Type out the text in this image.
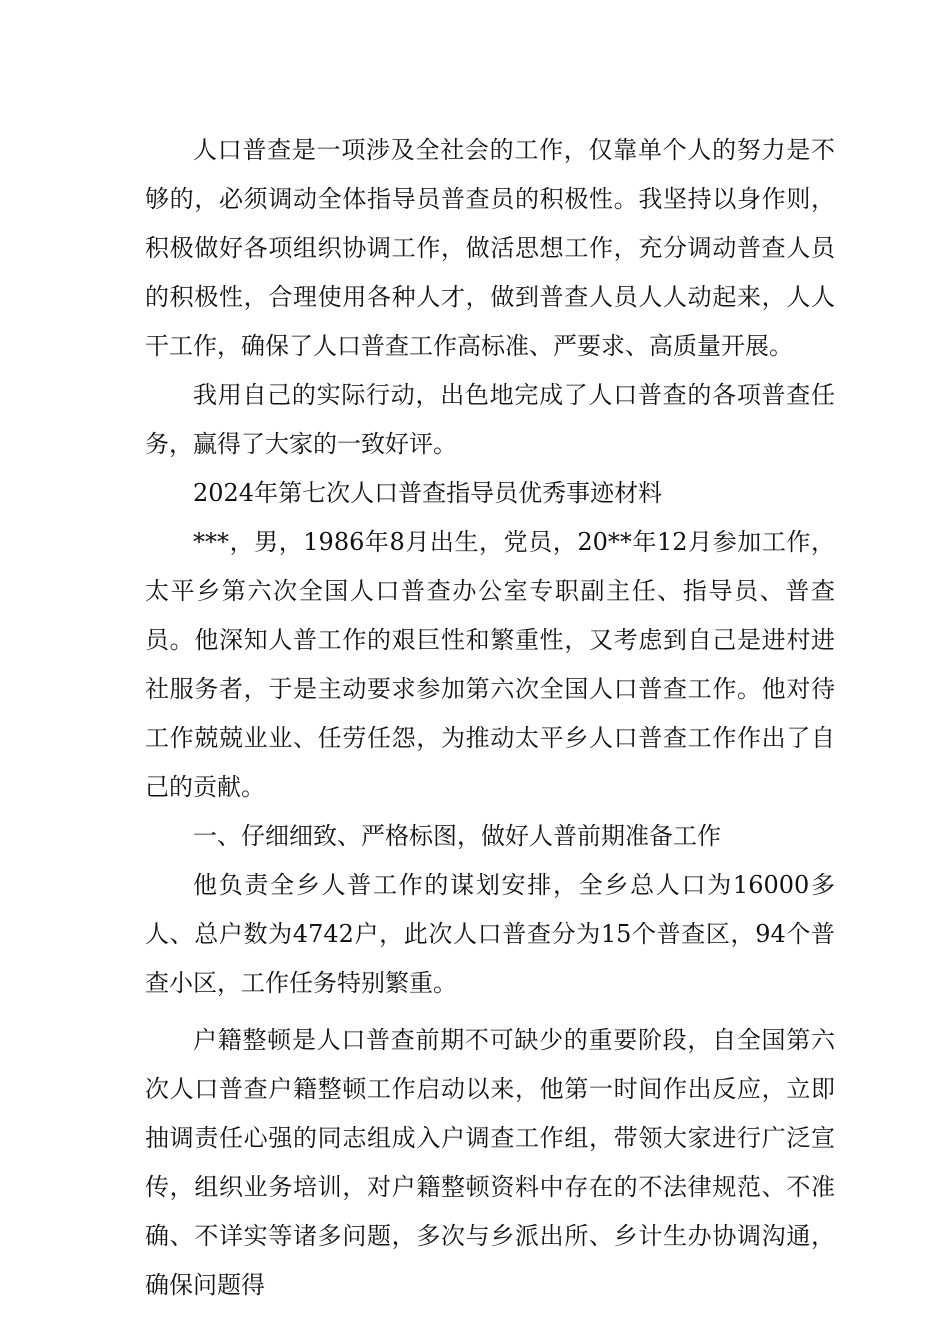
人口普查是一项涉及全社会的工作，仅靠单个人的努力是不够的，必须调动全体指导员普查员的积极性。我坚持以身作则，积极做好各项组织协调工作，做活思想工作，充分调动普查人员的积极性，合理使用各种人才，做到普查人员人人动起来，人人干工作，确保了人口普查工作高标准、严要求、高质量开展。

我用自己的实际行动，出色地完成了人口普查的各项普查任务，赢得了大家的一致好评。

2024年第七次人口普查指导员优秀事迹材料

***，男，1986年8月出生，党员，20**年12月参加工作，太平乡第六次全国人口普查办公室专职副主任、指导员、普查员。他深知人普工作的艰巨性和繁重性，又考虑到自己是进村进社服务者，于是主动要求参加第六次全国人口普查工作。他对待工作兢兢业业、任劳任怨，为推动太平乡人口普查工作作出了自己的贡献。

一、仔细细致、严格标图，做好人普前期准备工作

他负责全乡人普工作的谋划安排，全乡总人口为16000多人、总户数为4742户，此次人口普查分为15个普查区，94个普查小区，工作任务特别繁重。

户籍整顿是人口普查前期不可缺少的重要阶段，自全国第六次人口普查户籍整顿工作启动以来，他第一时间作出反应，立即抽调责任心强的同志组成入户调查工作组，带领大家进行广泛宣传，组织业务培训，对户籍整顿资料中存在的不法律规范、不准确、不详实等诸多问题，多次与乡派出所、乡计生办协调沟通，确保问题得
